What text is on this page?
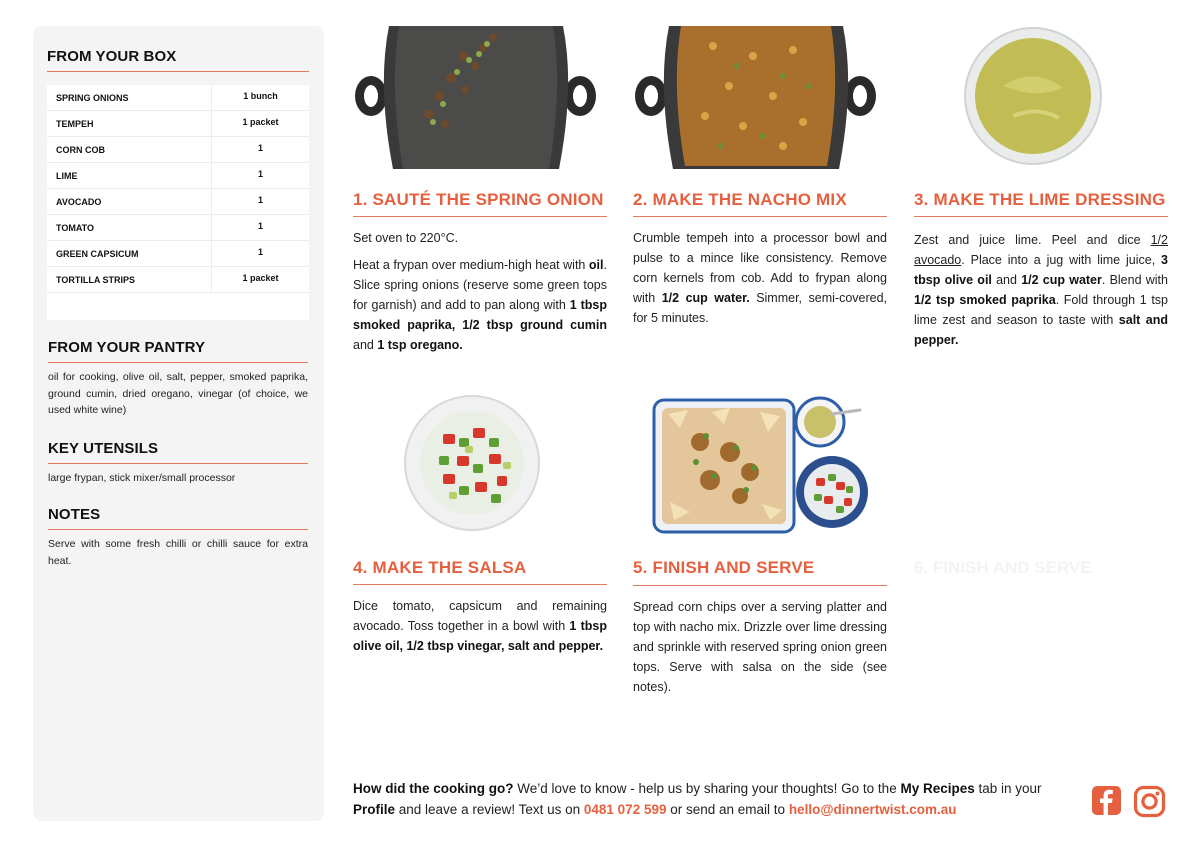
FROM YOUR BOX
SPRING ONIONS	1 bunch
TEMPEH	1 packet
CORN COB	1
LIME	1
AVOCADO	1
TOMATO	1
GREEN CAPSICUM	1
TORTILLA STRIPS	1 packet
FROM YOUR PANTRY
oil for cooking, olive oil, salt, pepper, smoked paprika, ground cumin, dried oregano, vinegar (of choice, we used white wine)
KEY UTENSILS
large frypan, stick mixer/small processor
NOTES
Serve with some fresh chilli or chilli sauce for extra heat.
1. SAUTÉ THE SPRING ONION
Set oven to 220°C.
Heat a frypan over medium-high heat with oil. Slice spring onions (reserve some green tops for garnish) and add to pan along with 1 tbsp smoked paprika, 1/2 tbsp ground cumin and 1 tsp oregano.
2. MAKE THE NACHO MIX
Crumble tempeh into a processor bowl and pulse to a mince like consistency. Remove corn kernels from cob. Add to frypan along with 1/2 cup water. Simmer, semi-covered, for 5 minutes.
3. MAKE THE LIME DRESSING
Zest and juice lime. Peel and dice 1/2 avocado. Place into a jug with lime juice, 3 tbsp olive oil and 1/2 cup water. Blend with 1/2 tsp smoked paprika. Fold through 1 tsp lime zest and season to taste with salt and pepper.
4. MAKE THE SALSA
Dice tomato, capsicum and remaining avocado. Toss together in a bowl with 1 tbsp olive oil, 1/2 tbsp vinegar, salt and pepper.
5. FINISH AND SERVE
Spread corn chips over a serving platter and top with nacho mix. Drizzle over lime dressing and sprinkle with reserved spring onion green tops. Serve with salsa on the side (see notes).
6. FINISH AND SERVE
How did the cooking go? We’d love to know - help us by sharing your thoughts! Go to the My Recipes tab in your Profile and leave a review! Text us on 0481 072 599 or send an email to hello@dinnertwist.com.au
